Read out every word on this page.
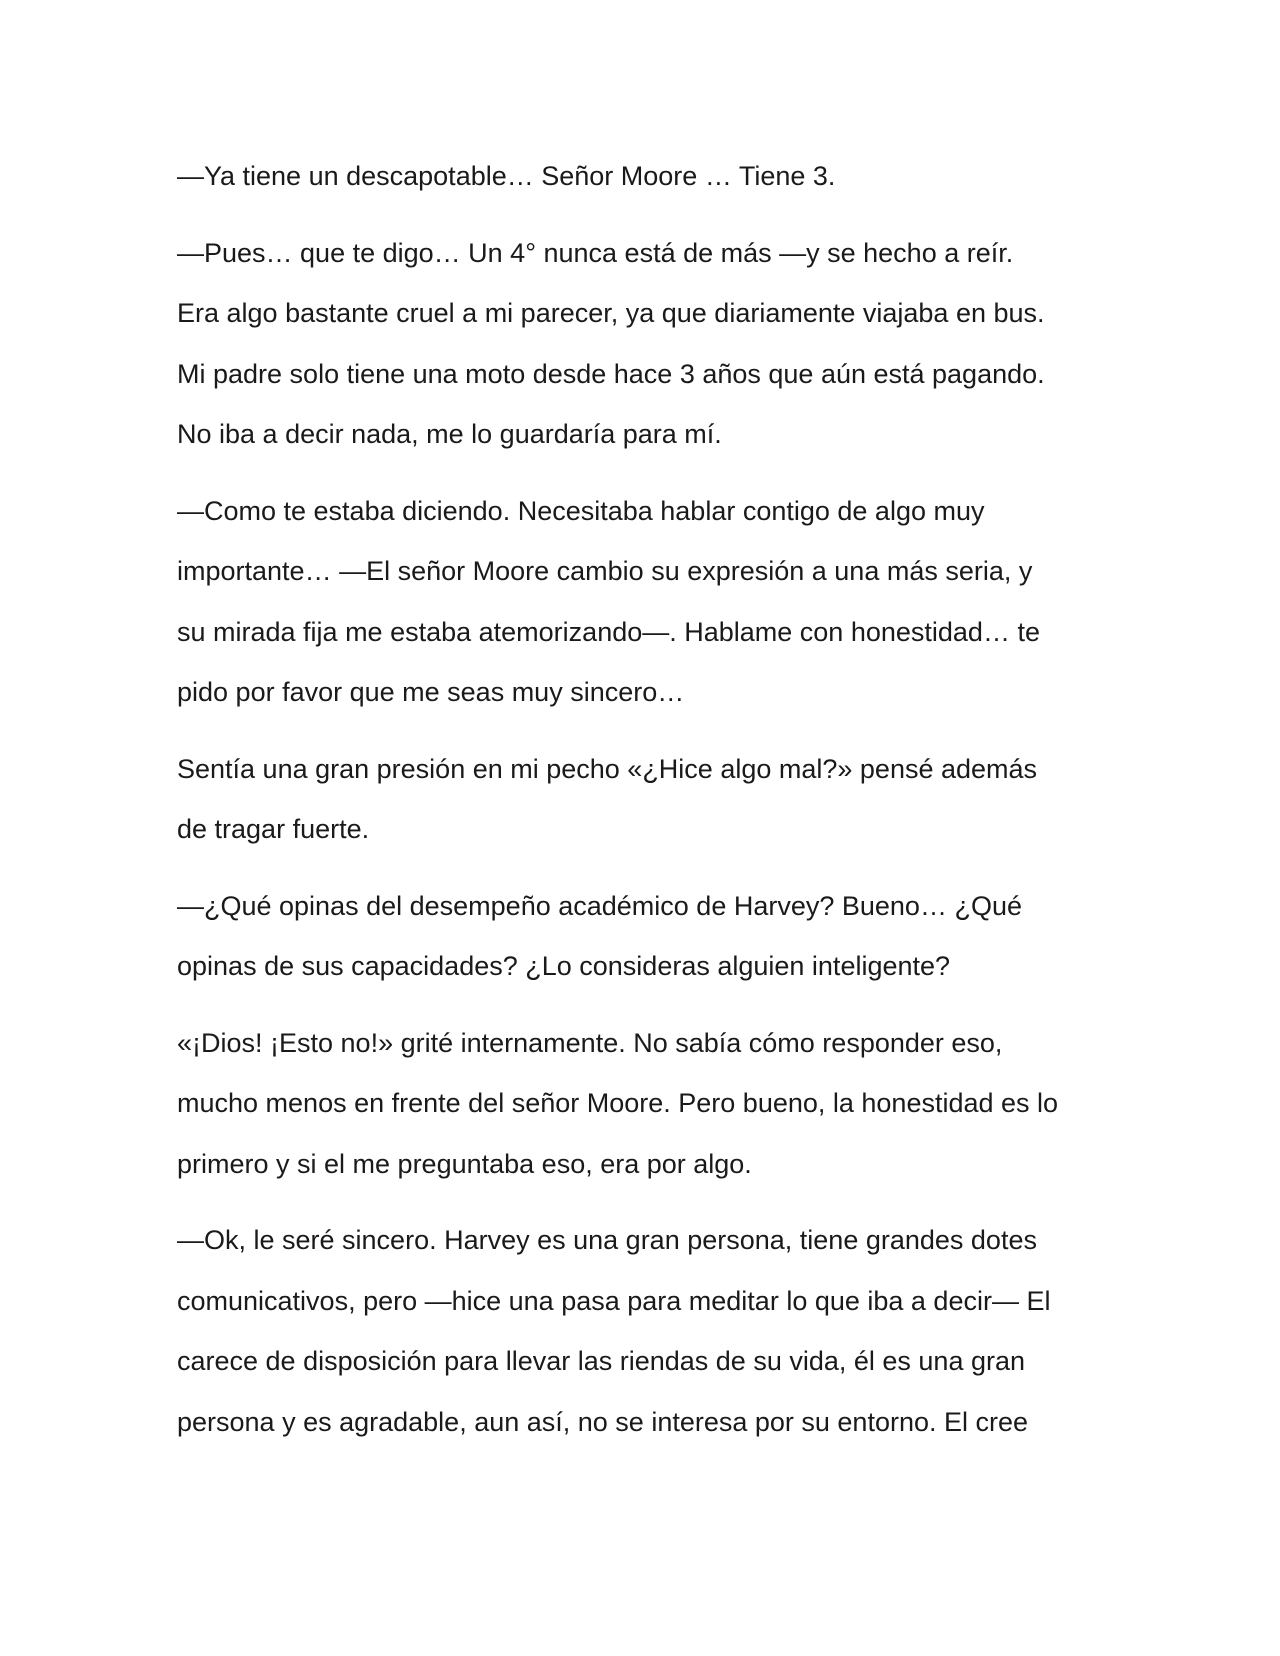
—Ya tiene un descapotable… Señor Moore … Tiene 3.

—Pues… que te digo… Un 4° nunca está de más —y se hecho a reír.
Era algo bastante cruel a mi parecer, ya que diariamente viajaba en bus.
Mi padre solo tiene una moto desde hace 3 años que aún está pagando.
No iba a decir nada, me lo guardaría para mí.

—Como te estaba diciendo. Necesitaba hablar contigo de algo muy
importante… —El señor Moore cambio su expresión a una más seria, y
su mirada fija me estaba atemorizando—. Hablame con honestidad… te
pido por favor que me seas muy sincero…

Sentía una gran presión en mi pecho «¿Hice algo mal?» pensé además
de tragar fuerte.

—¿Qué opinas del desempeño académico de Harvey? Bueno… ¿Qué
opinas de sus capacidades? ¿Lo consideras alguien inteligente?

«¡Dios! ¡Esto no!» grité internamente. No sabía cómo responder eso,
mucho menos en frente del señor Moore. Pero bueno, la honestidad es lo
primero y si el me preguntaba eso, era por algo.

—Ok, le seré sincero. Harvey es una gran persona, tiene grandes dotes
comunicativos, pero —hice una pasa para meditar lo que iba a decir— El
carece de disposición para llevar las riendas de su vida, él es una gran
persona y es agradable, aun así, no se interesa por su entorno. El cree
